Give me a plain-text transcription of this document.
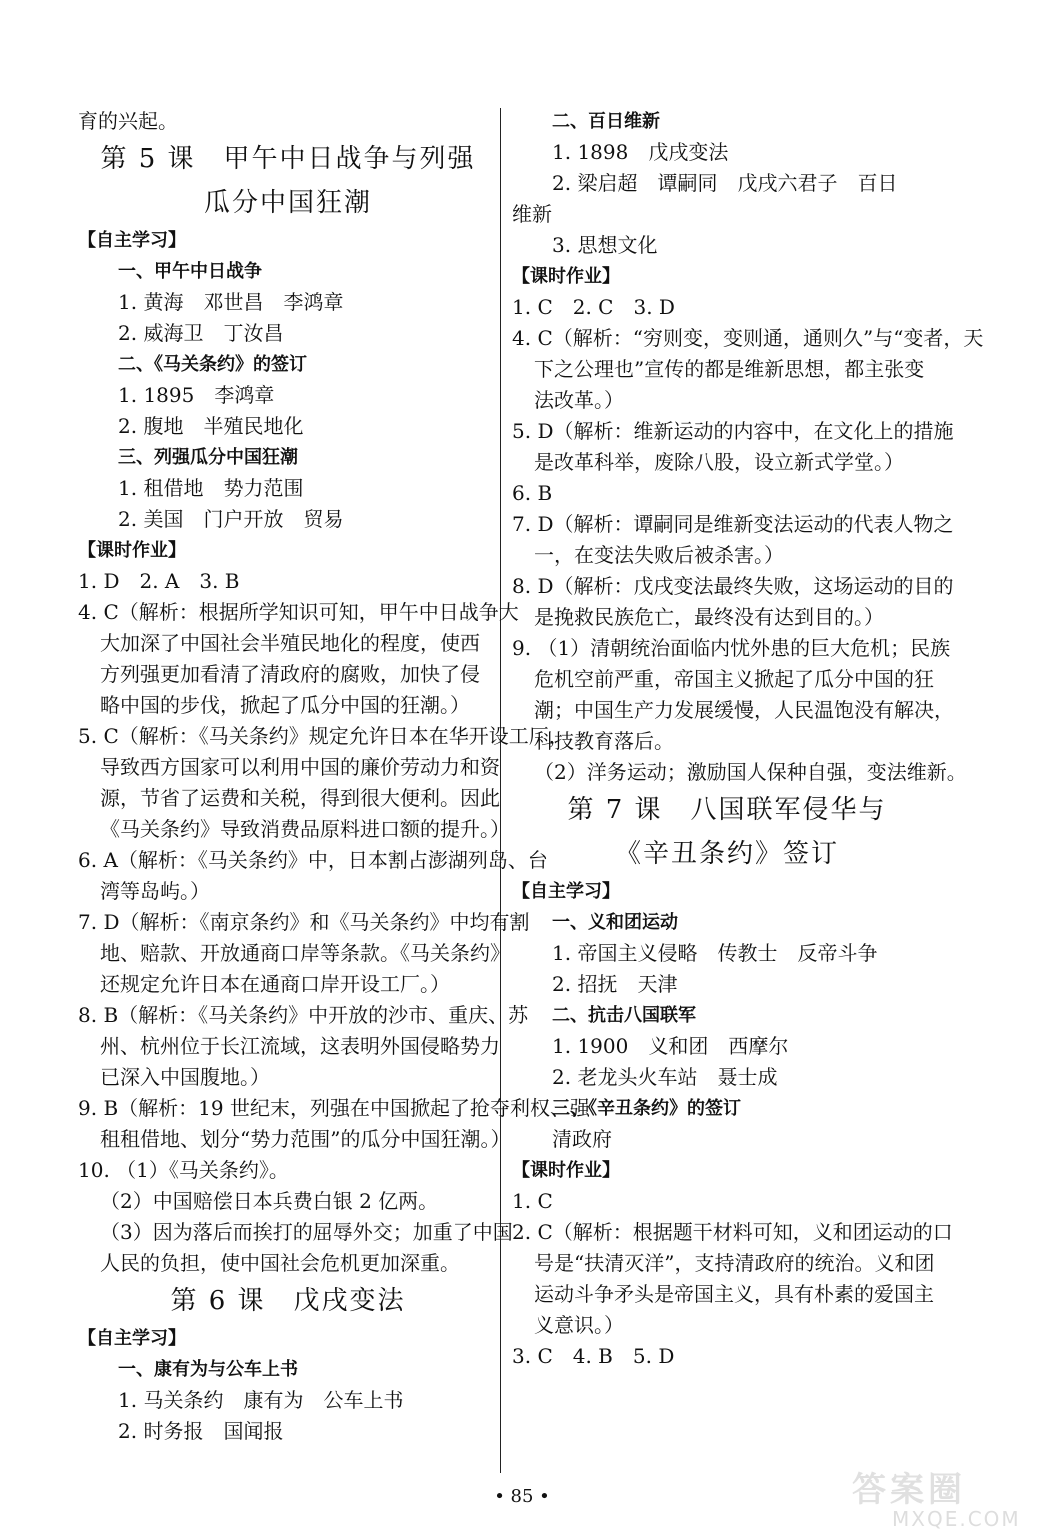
育的兴起。
第 5 课　甲午中日战争与列强
瓜分中国狂潮
【自主学习】
一、甲午中日战争
1. 黄海　邓世昌　李鸿章
2. 威海卫　丁汝昌
二、《马关条约》的签订
1. 1895　李鸿章
2. 腹地　半殖民地化
三、列强瓜分中国狂潮
1. 租借地　势力范围
2. 美国　门户开放　贸易
【课时作业】
1. D　2. A　3. B
4. C（解析：根据所学知识可知，甲午中日战争大
大加深了中国社会半殖民地化的程度，使西
方列强更加看清了清政府的腐败，加快了侵
略中国的步伐，掀起了瓜分中国的狂潮。）
5. C（解析：《马关条约》规定允许日本在华开设工厂，
导致西方国家可以利用中国的廉价劳动力和资
源，节省了运费和关税，得到很大便利。因此
《马关条约》导致消费品原料进口额的提升。）
6. A（解析：《马关条约》中，日本割占澎湖列岛、台
湾等岛屿。）
7. D（解析：《南京条约》和《马关条约》中均有割
地、赔款、开放通商口岸等条款。《马关条约》
还规定允许日本在通商口岸开设工厂。）
8. B（解析：《马关条约》中开放的沙市、重庆、苏
州、杭州位于长江流域，这表明外国侵略势力
已深入中国腹地。）
9. B（解析：19 世纪末，列强在中国掀起了抢夺利权、强
租租借地、划分“势力范围”的瓜分中国狂潮。）
10. （1）《马关条约》。
（2）中国赔偿日本兵费白银 2 亿两。
（3）因为落后而挨打的屈辱外交；加重了中国
人民的负担，使中国社会危机更加深重。
第 6 课　戊戌变法
【自主学习】
一、康有为与公车上书
1. 马关条约　康有为　公车上书
2. 时务报　国闻报
二、百日维新
1. 1898　戊戌变法
2. 梁启超　谭嗣同　戊戌六君子　百日
维新
3. 思想文化
【课时作业】
1. C　2. C　3. D
4. C（解析：“穷则变，变则通，通则久”与“变者，天
下之公理也”宣传的都是维新思想，都主张变
法改革。）
5. D（解析：维新运动的内容中，在文化上的措施
是改革科举，废除八股，设立新式学堂。）
6. B
7. D（解析：谭嗣同是维新变法运动的代表人物之
一，在变法失败后被杀害。）
8. D（解析：戊戌变法最终失败，这场运动的目的
是挽救民族危亡，最终没有达到目的。）
9. （1）清朝统治面临内忧外患的巨大危机；民族
危机空前严重，帝国主义掀起了瓜分中国的狂
潮；中国生产力发展缓慢，人民温饱没有解决，
科技教育落后。
（2）洋务运动；激励国人保种自强，变法维新。
第 7 课　八国联军侵华与
《辛丑条约》签订
【自主学习】
一、义和团运动
1. 帝国主义侵略　传教士　反帝斗争
2. 招抚　天津
二、抗击八国联军
1. 1900　义和团　西摩尔
2. 老龙头火车站　聂士成
三、《辛丑条约》的签订
清政府
【课时作业】
1. C
2. C（解析：根据题干材料可知，义和团运动的口
号是“扶清灭洋”，支持清政府的统治。义和团
运动斗争矛头是帝国主义，具有朴素的爱国主
义意识。）
3. C　4. B　5. D
• 85 •	答案圈
MXQE.COM
